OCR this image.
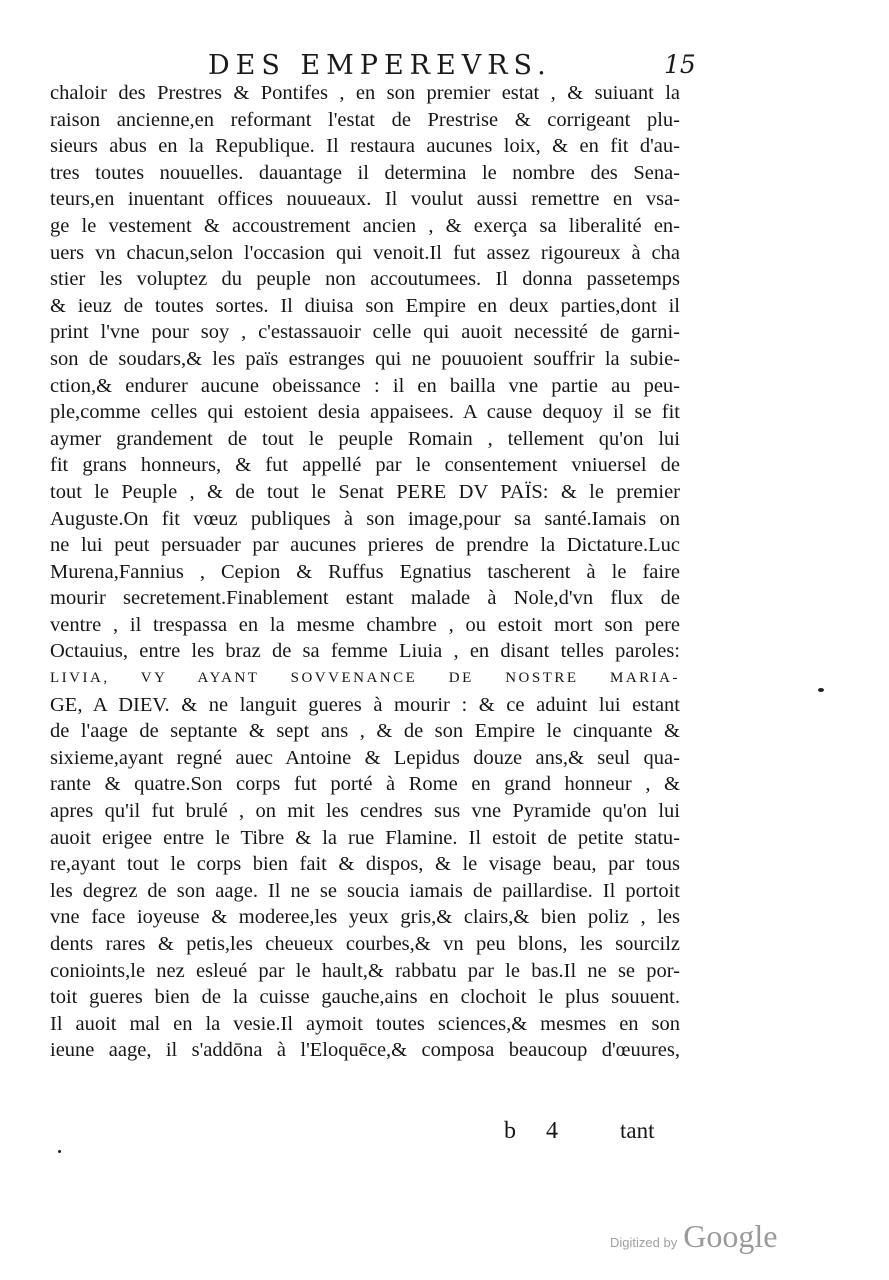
DES EMPEREVRS.	15
chaloir des Prestres & Pontifes , en son premier estat , & suiuant la
raison ancienne,en reformant l'estat de Prestrise & corrigeant plu-
sieurs abus en la Republique. Il restaura aucunes loix, & en fit d'au-
tres toutes nouuelles. dauantage il determina le nombre des Sena-
teurs,en inuentant offices nouueaux. Il voulut aussi remettre en vsa-
ge le vestement & accoustrement ancien , & exerça sa liberalité en-
uers vn chacun,selon l'occasion qui venoit.Il fut assez rigoureux à cha
stier les voluptez du peuple non accoutumees. Il donna passetemps
& ieuz de toutes sortes. Il diuisa son Empire en deux parties,dont il
print l'vne pour soy , c'estassauoir celle qui auoit necessité de garni-
son de soudars,& les païs estranges qui ne pouuoient souffrir la subie-
ction,& endurer aucune obeissance : il en bailla vne partie au peu-
ple,comme celles qui estoient desia appaisees. A cause dequoy il se fit
aymer grandement de tout le peuple Romain , tellement qu'on lui
fit grans honneurs, & fut appellé par le consentement vniuersel de
tout le Peuple , & de tout le Senat PERE DV PAÏS: & le premier
Auguste.On fit vœuz publiques à son image,pour sa santé.Iamais on
ne lui peut persuader par aucunes prieres de prendre la Dictature.Luc
Murena,Fannius , Cepion & Ruffus Egnatius tascherent à le faire
mourir secretement.Finablement estant malade à Nole,d'vn flux de
ventre , il trespassa en la mesme chambre , ou estoit mort son pere
Octauius, entre les braz de sa femme Liuia , en disant telles paroles:
LIVIA, VY AYANT SOVVENANCE DE NOSTRE MARIA-
GE, A DIEV. & ne languit gueres à mourir : & ce aduint lui estant
de l'aage de septante & sept ans , & de son Empire le cinquante &
sixieme,ayant regné auec Antoine & Lepidus douze ans,& seul qua-
rante & quatre.Son corps fut porté à Rome en grand honneur , &
apres qu'il fut brulé , on mit les cendres sus vne Pyramide qu'on lui
auoit erigee entre le Tibre & la rue Flamine. Il estoit de petite statu-
re,ayant tout le corps bien fait & dispos, & le visage beau, par tous
les degrez de son aage. Il ne se soucia iamais de paillardise. Il portoit
vne face ioyeuse & moderee,les yeux gris,& clairs,& bien poliz , les
dents rares & petis,les cheueux courbes,& vn peu blons, les sourcilz
conioints,le nez esleué par le hault,& rabbatu par le bas.Il ne se por-
toit gueres bien de la cuisse gauche,ains en clochoit le plus souuent.
Il auoit mal en la vesie.Il aymoit toutes sciences,& mesmes en son
ieune aage, il s'addōna à l'Eloquēce,& composa beaucoup d'œuures,
b 4 tant
Digitized by Google
